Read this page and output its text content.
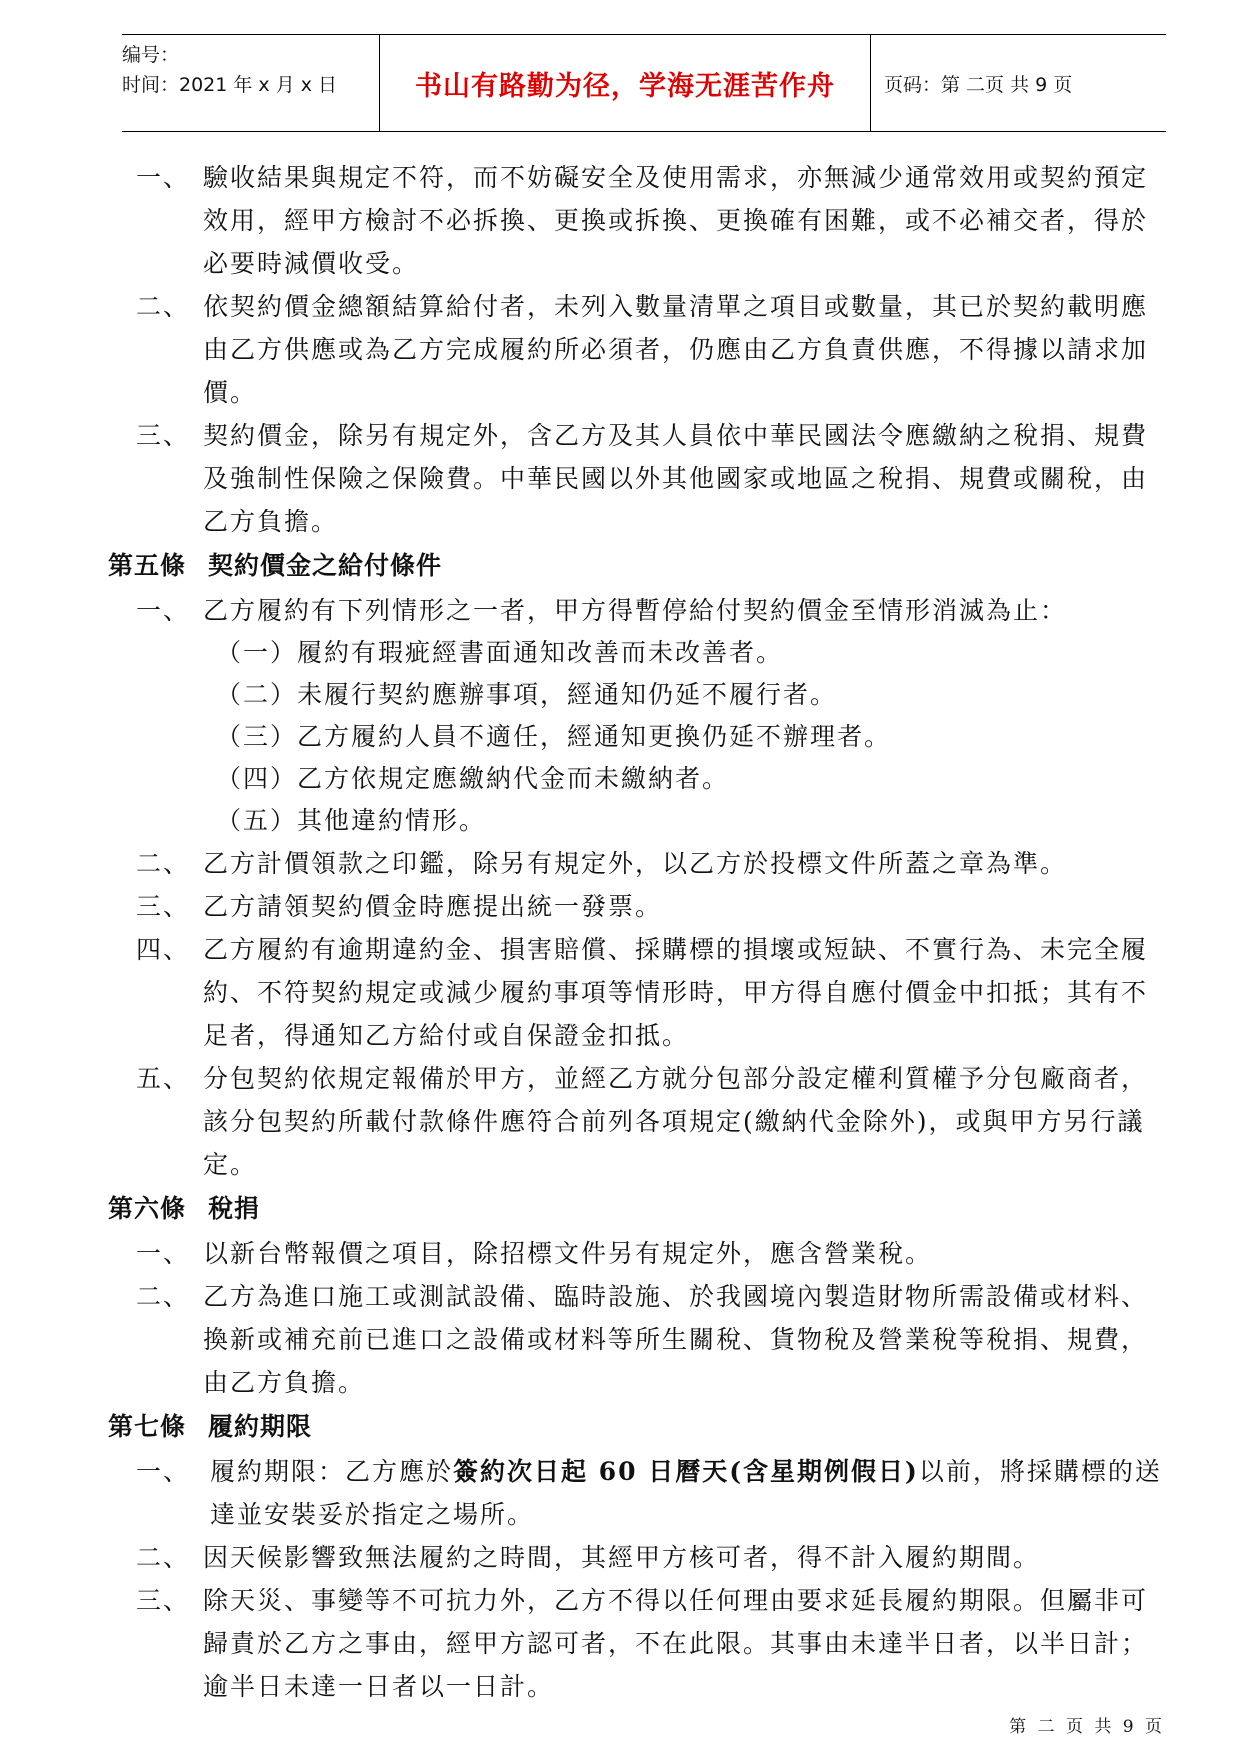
编号：
时间：2021 年 x 月 x 日	书山有路勤为径，学海无涯苦作舟	页码：第 二页 共 9 页
一、 驗收結果與規定不符，而不妨礙安全及使用需求，亦無減少通常效用或契約預定效用，經甲方檢討不必拆換、更換或拆換、更換確有困難，或不必補交者，得於必要時減價收受。
二、 依契約價金總額結算給付者，未列入數量清單之項目或數量，其已於契約載明應由乙方供應或為乙方完成履約所必須者，仍應由乙方負責供應，不得據以請求加價。
三、 契約價金，除另有規定外，含乙方及其人員依中華民國法令應繳納之稅捐、規費及強制性保險之保險費。中華民國以外其他國家或地區之稅捐、規費或關稅，由乙方負擔。
第五條 契約價金之給付條件
一、 乙方履約有下列情形之一者，甲方得暫停給付契約價金至情形消滅為止：
（一）履約有瑕疵經書面通知改善而未改善者。
（二）未履行契約應辦事項，經通知仍延不履行者。
（三）乙方履約人員不適任，經通知更換仍延不辦理者。
（四）乙方依規定應繳納代金而未繳納者。
（五）其他違約情形。
二、 乙方計價領款之印鑑，除另有規定外，以乙方於投標文件所蓋之章為準。
三、 乙方請領契約價金時應提出統一發票。
四、 乙方履約有逾期違約金、損害賠償、採購標的損壞或短缺、不實行為、未完全履約、不符契約規定或減少履約事項等情形時，甲方得自應付價金中扣抵；其有不足者，得通知乙方給付或自保證金扣抵。
五、 分包契約依規定報備於甲方，並經乙方就分包部分設定權利質權予分包廠商者，該分包契約所載付款條件應符合前列各項規定(繳納代金除外)，或與甲方另行議定。
第六條 稅捐
一、 以新台幣報價之項目，除招標文件另有規定外，應含營業稅。
二、 乙方為進口施工或測試設備、臨時設施、於我國境內製造財物所需設備或材料、換新或補充前已進口之設備或材料等所生關稅、貨物稅及營業稅等稅捐、規費，由乙方負擔。
第七條 履約期限
一、 履約期限：乙方應於簽約次日起 60 日曆天(含星期例假日)以前，將採購標的送達並安裝妥於指定之場所。
二、 因天候影響致無法履約之時間，其經甲方核可者，得不計入履約期間。
三、 除天災、事變等不可抗力外，乙方不得以任何理由要求延長履約期限。但屬非可歸責於乙方之事由，經甲方認可者，不在此限。其事由未達半日者，以半日計；逾半日未達一日者以一日計。
第 二 页 共 9 页
